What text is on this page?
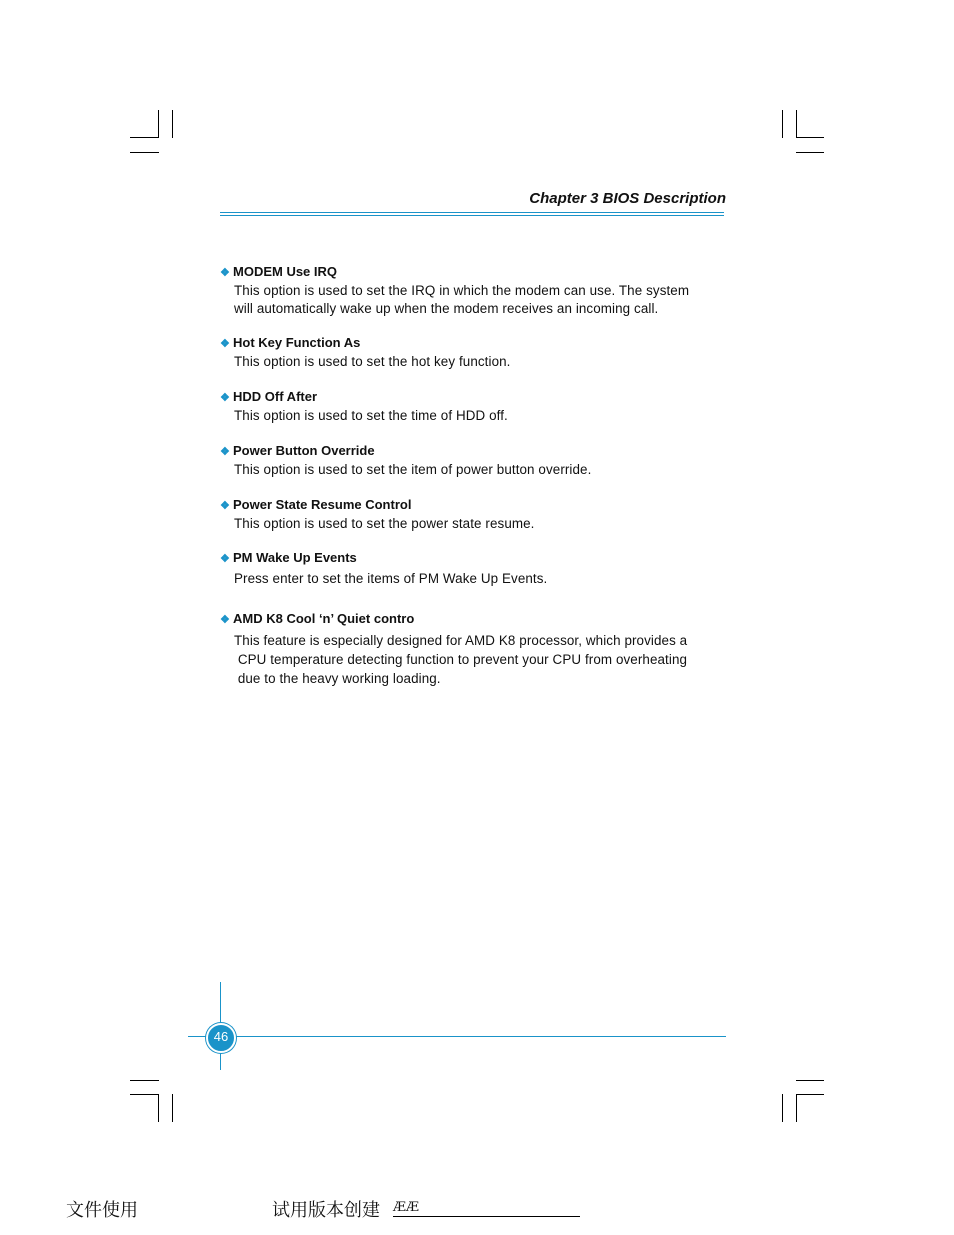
Chapter 3 BIOS Description
❖ MODEM Use IRQ
This option is used to set the IRQ in which the modem can use. The system
will automatically wake up when the modem receives an incoming call.
❖ Hot Key Function As
This option is used to set the hot key function.
❖ HDD Off After
This option is used to set the time of HDD off.
❖ Power Button Override
This option is used to set the item of power button override.
❖ Power State Resume Control
This option is used to set the power state resume.
❖ PM Wake Up Events
Press enter to set the items of PM Wake Up Events.
❖ AMD K8 Cool ‘n’ Quiet contro
This feature is especially designed for AMD K8 processor, which provides a
CPU temperature detecting function to prevent your CPU from overheating
due to the heavy working loading.
46
文件使用	试用版本创建 ÆÆ
